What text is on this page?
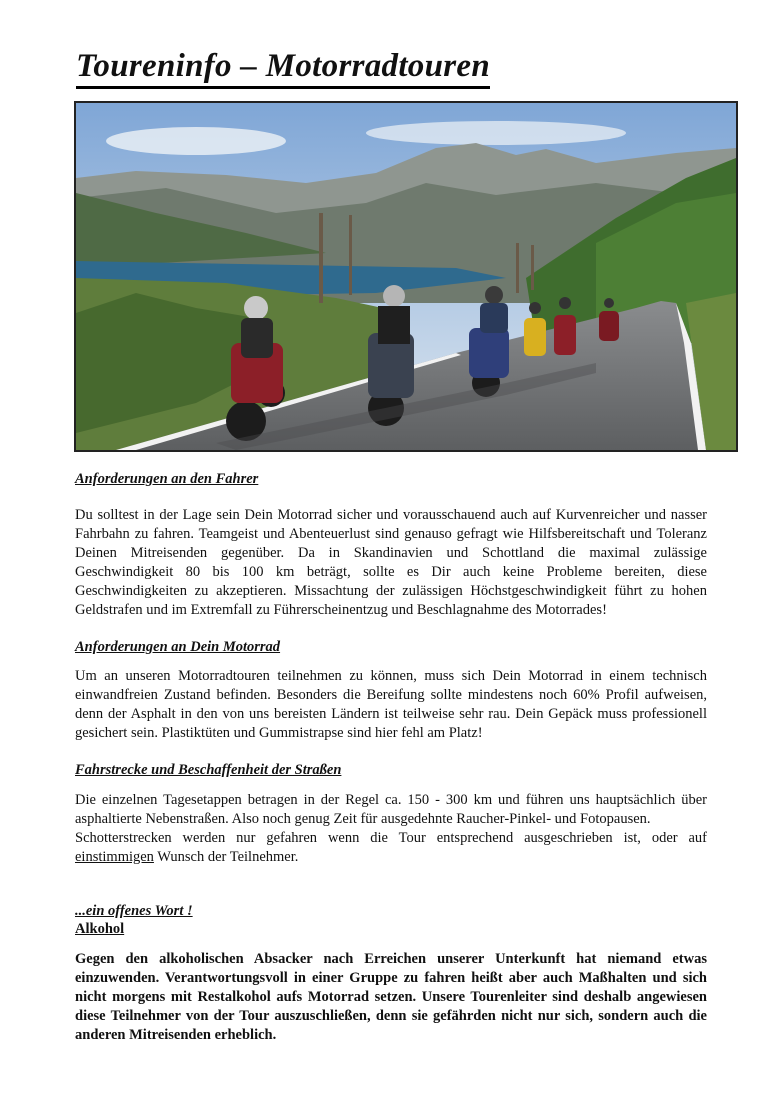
Toureninfo – Motorradtouren

Anforderungen an den Fahrer

Du solltest in der Lage sein Dein Motorrad sicher und vorausschauend auch auf Kurvenreicher und nasser Fahrbahn zu fahren. Teamgeist und Abenteuerlust sind genauso gefragt wie Hilfsbereitschaft und Toleranz Deinen Mitreisenden gegenüber. Da in Skandinavien und Schottland die maximal zulässige Geschwindigkeit 80 bis 100 km beträgt, sollte es Dir auch keine Probleme bereiten, diese Geschwindigkeiten zu akzeptieren. Missachtung der zulässigen Höchstgeschwindigkeit führt zu hohen Geldstrafen und im Extremfall zu Führerscheinentzug und Beschlagnahme des Motorrades!

Anforderungen an Dein Motorrad

Um an unseren Motorradtouren teilnehmen zu können, muss sich Dein Motorrad in einem technisch einwandfreien Zustand befinden. Besonders die Bereifung sollte mindestens noch 60% Profil aufweisen, denn der Asphalt in den von uns bereisten Ländern ist teilweise sehr rau. Dein Gepäck muss professionell gesichert sein. Plastiktüten und Gummistrapse sind hier fehl am Platz!

Fahrstrecke und Beschaffenheit der Straßen

Die einzelnen Tagesetappen betragen in der Regel ca. 150 - 300 km und führen uns hauptsächlich über asphaltierte Nebenstraßen. Also noch genug Zeit für ausgedehnte Raucher-Pinkel- und Fotopausen.

Schotterstrecken werden nur gefahren wenn die Tour entsprechend ausgeschrieben ist, oder auf einstimmigen Wunsch der Teilnehmer.

...ein offenes Wort !

Alkohol

Gegen den alkoholischen Absacker nach Erreichen unserer Unterkunft hat niemand etwas einzuwenden. Verantwortungsvoll in einer Gruppe zu fahren heißt aber auch Maßhalten und sich nicht morgens mit Restalkohol aufs Motorrad setzen. Unsere Tourenleiter sind deshalb angewiesen diese Teilnehmer von der Tour auszuschließen, denn sie gefährden nicht nur sich, sondern auch die anderen Mitreisenden erheblich.
